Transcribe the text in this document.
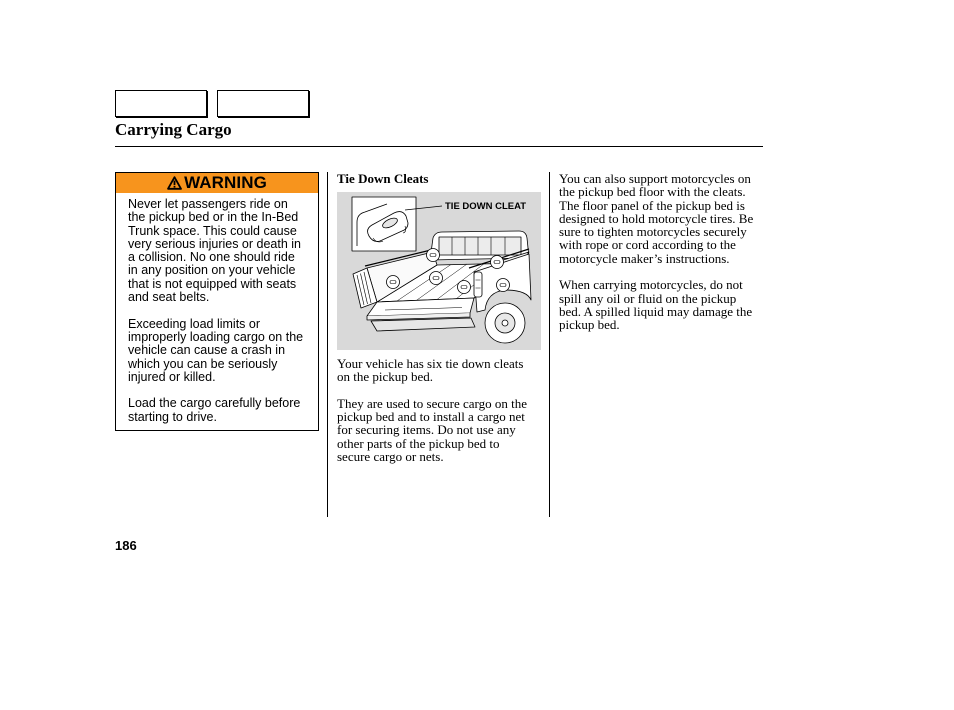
Carrying Cargo
WARNING

Never let passengers ride on
the pickup bed or in the In-Bed
Trunk space. This could cause
very serious injuries or death in
a collision. No one should ride
in any position on your vehicle
that is not equipped with seats
and seat belts.

Exceeding load limits or
improperly loading cargo on the
vehicle can cause a crash in
which you can be seriously
injured or killed.

Load the cargo carefully before
starting to drive.

Tie Down Cleats
TIE DOWN CLEAT

Your vehicle has six tie down cleats
on the pickup bed.

They are used to secure cargo on the
pickup bed and to install a cargo net
for securing items. Do not use any
other parts of the pickup bed to
secure cargo or nets.

You can also support motorcycles on
the pickup bed floor with the cleats.
The floor panel of the pickup bed is
designed to hold motorcycle tires. Be
sure to tighten motorcycles securely
with rope or cord according to the
motorcycle maker’s instructions.

When carrying motorcycles, do not
spill any oil or fluid on the pickup
bed. A spilled liquid may damage the
pickup bed.

186
